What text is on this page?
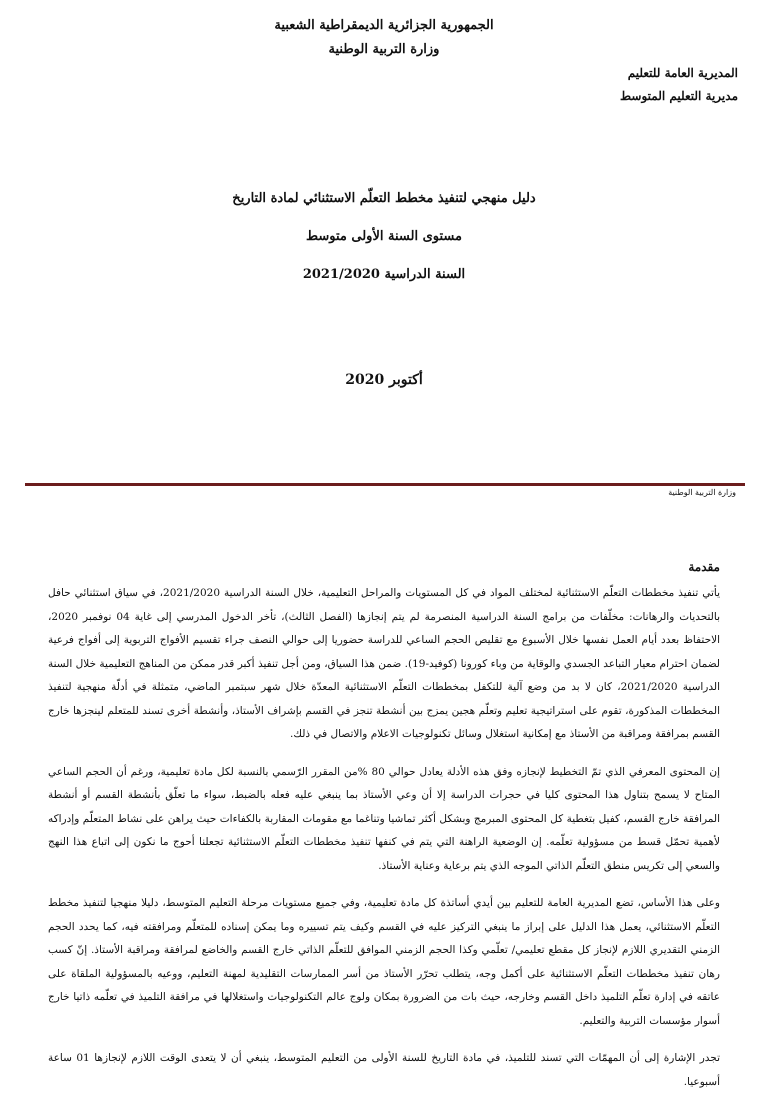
الجمهورية الجزائرية الديمقراطية الشعبية
وزارة التربية الوطنية
المديرية العامة للتعليم
مديرية التعليم المتوسط
دليل منهجي لتنفيذ مخطط التعلّم الاستثنائي لمادة التاريخ
مستوى السنة الأولى متوسط
السنة الدراسية 2021/2020
أكتوبر 2020
وزارة التربية الوطنية
مقدمة

يأتي تنفيذ مخططات التعلّم الاستثنائية لمختلف المواد في كل المستويات والمراحل التعليمية، خلال السنة الدراسية 2021/2020، في سياق استثنائي حافل بالتحديات والرهانات: مخلّفات من برامج السنة الدراسية المنصرمة لم يتم إنجازها (الفصل الثالث)، تأخر الدخول المدرسي إلى غاية 04 نوفمبر 2020، الاحتفاظ بعدد أيام العمل نفسها خلال الأسبوع مع تقليص الحجم الساعي للدراسة حضوريا إلى حوالي النصف جراء تقسيم الأفواج التربوية إلى أفواج فرعية لضمان احترام معيار التباعد الجسدي والوقاية من وباء كورونا (كوفيد-19). ضمن هذا السياق، ومن أجل تنفيذ أكبر قدر ممكن من المناهج التعليمية خلال السنة الدراسية 2021/2020، كان لا بد من وضع آلية للتكفل بمخططات التعلّم الاستثنائية المعدّة خلال شهر سبتمبر الماضي، متمثلة في أدلّة منهجية لتنفيذ المخططات المذكورة، تقوم على استراتيجية تعليم وتعلّم هجين يمزج بين أنشطة تنجز في القسم بإشراف الأستاذ، وأنشطة أخرى تسند للمتعلم لينجزها خارج القسم بمرافقة ومراقبة من الأستاذ مع إمكانية استغلال وسائل تكنولوجيات الاعلام والاتصال في ذلك.

إن المحتوى المعرفي الذي تمّ التخطيط لإنجازه وفق هذه الأدلة يعادل حوالي 80 %من المقرر الرّسمي بالنسبة لكل مادة تعليمية، ورغم أن الحجم الساعي المتاح لا يسمح بتناول هذا المحتوى كليا في حجرات الدراسة إلا أن وعي الأستاذ بما ينبغي عليه فعله بالضبط، سواء ما تعلّق بأنشطة القسم أو أنشطة المرافقة خارج القسم، كفيل بتغطية كل المحتوى المبرمج وبشكل أكثر تماشيا وتناغما مع مقومات المقاربة بالكفاءات حيث يراهن على نشاط المتعلّم وإدراكه لأهمية تحمّل قسط من مسؤولية تعلّمه. إن الوضعية الراهنة التي يتم في كنفها تنفيذ مخططات التعلّم الاستثنائية تجعلنا أحوج ما نكون إلى اتباع هذا النهج والسعي إلى تكريس منطق التعلّم الذاتي الموجه الذي يتم برعاية وعناية الأستاذ.

وعلى هذا الأساس، تضع المديرية العامة للتعليم بين أيدي أساتذة كل مادة تعليمية، وفي جميع مستويات مرحلة التعليم المتوسط، دليلا منهجيا لتنفيذ مخطط التعلّم الاستثنائي، يعمل هذا الدليل على إبراز ما ينبغي التركيز عليه في القسم وكيف يتم تسييره وما يمكن إسناده للمتعلّم ومرافقته فيه، كما يحدد الحجم الزمني التقديري اللازم لإنجاز كل مقطع تعليمي/ تعلّمي وكذا الحجم الزمني الموافق للتعلّم الذاتي خارج القسم والخاضع لمرافقة ومراقبة الأستاذ. إنّ كسب رهان تنفيذ مخططات التعلّم الاستثنائية على أكمل وجه، يتطلب تحرّر الأستاذ من أسر الممارسات التقليدية لمهنة التعليم، ووعيه بالمسؤولية الملقاة على عاتقه في إدارة تعلّم التلميذ داخل القسم وخارجه، حيث بات من الضرورة بمكان ولوج عالم التكنولوجيات واستغلالها في مرافقة التلميذ في تعلّمه ذاتيا خارج أسوار مؤسسات التربية والتعليم.

تجدر الإشارة إلى أن المهمّات التي تسند للتلميذ، في مادة التاريخ للسنة الأولى من التعليم المتوسط، ينبغي أن لا يتعدى الوقت اللازم لإنجازها 01 ساعة أسبوعيا.
